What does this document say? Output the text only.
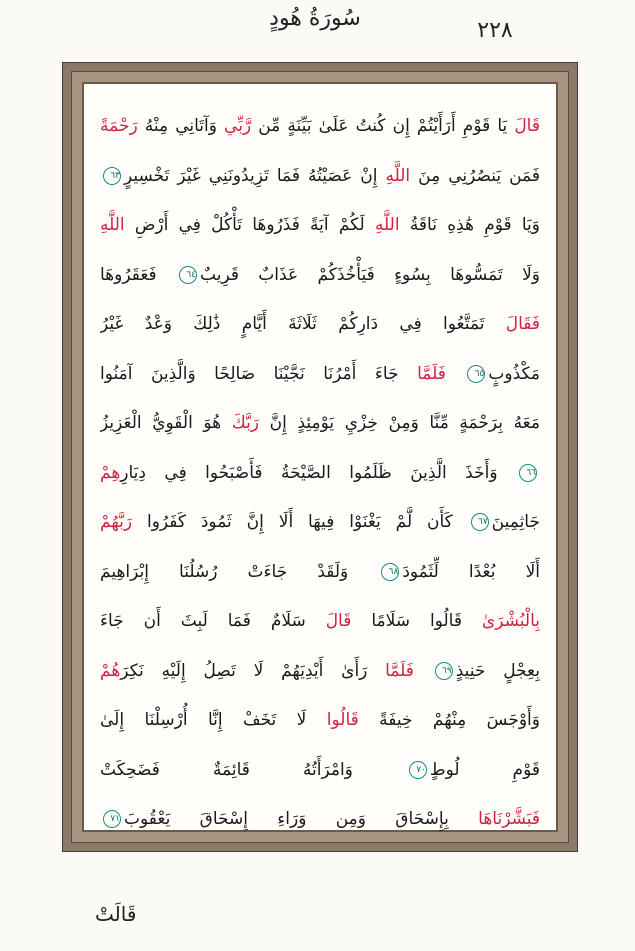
سُورَةُ هُودٍ	٢٢٨
قَالَ يَا قَوْمِ أَرَأَيْتُمْ إِن كُنتُ عَلَىٰ بَيِّنَةٍ مِّن رَّبِّي وَآتَانِي مِنْهُ رَحْمَةً
فَمَن يَنصُرُنِي مِنَ اللَّهِ إِنْ عَصَيْتُهُ فَمَا تَزِيدُونَنِي غَيْرَ تَخْسِيرٍ٦٣
وَيَا قَوْمِ هَٰذِهِ نَاقَةُ اللَّهِ لَكُمْ آيَةً فَذَرُوهَا تَأْكُلْ فِي أَرْضِ اللَّهِ
وَلَا تَمَسُّوهَا بِسُوءٍ فَيَأْخُذَكُمْ عَذَابٌ قَرِيبٌ٦٤ فَعَقَرُوهَا
فَقَالَ تَمَتَّعُوا فِي دَارِكُمْ ثَلَاثَةَ أَيَّامٍ ذَٰلِكَ وَعْدٌ غَيْرُ
مَكْذُوبٍ٦٥ فَلَمَّا جَاءَ أَمْرُنَا نَجَّيْنَا صَالِحًا وَالَّذِينَ آمَنُوا
مَعَهُ بِرَحْمَةٍ مِّنَّا وَمِنْ خِزْيِ يَوْمِئِذٍ إِنَّ رَبَّكَ هُوَ الْقَوِيُّ الْعَزِيزُ
٦٦ وَأَخَذَ الَّذِينَ ظَلَمُوا الصَّيْحَةُ فَأَصْبَحُوا فِي دِيَارِهِمْ
جَاثِمِينَ٦٧ كَأَن لَّمْ يَغْنَوْا فِيهَا أَلَا إِنَّ ثَمُودَ كَفَرُوا رَبَّهُمْ
أَلَا بُعْدًا لِّثَمُودَ٦٨ وَلَقَدْ جَاءَتْ رُسُلُنَا إِبْرَاهِيمَ
بِالْبُشْرَىٰ قَالُوا سَلَامًا قَالَ سَلَامٌ فَمَا لَبِثَ أَن جَاءَ
بِعِجْلٍ حَنِيذٍ٦٩ فَلَمَّا رَأَىٰ أَيْدِيَهُمْ لَا تَصِلُ إِلَيْهِ نَكِرَهُمْ
وَأَوْجَسَ مِنْهُمْ خِيفَةً قَالُوا لَا تَخَفْ إِنَّا أُرْسِلْنَا إِلَىٰ
قَوْمِ لُوطٍ٧٠ وَامْرَأَتُهُ قَائِمَةٌ فَضَحِكَتْ
فَبَشَّرْنَاهَا بِإِسْحَاقَ وَمِن وَرَاءِ إِسْحَاقَ يَعْقُوبَ٧١
قَالَتْ
